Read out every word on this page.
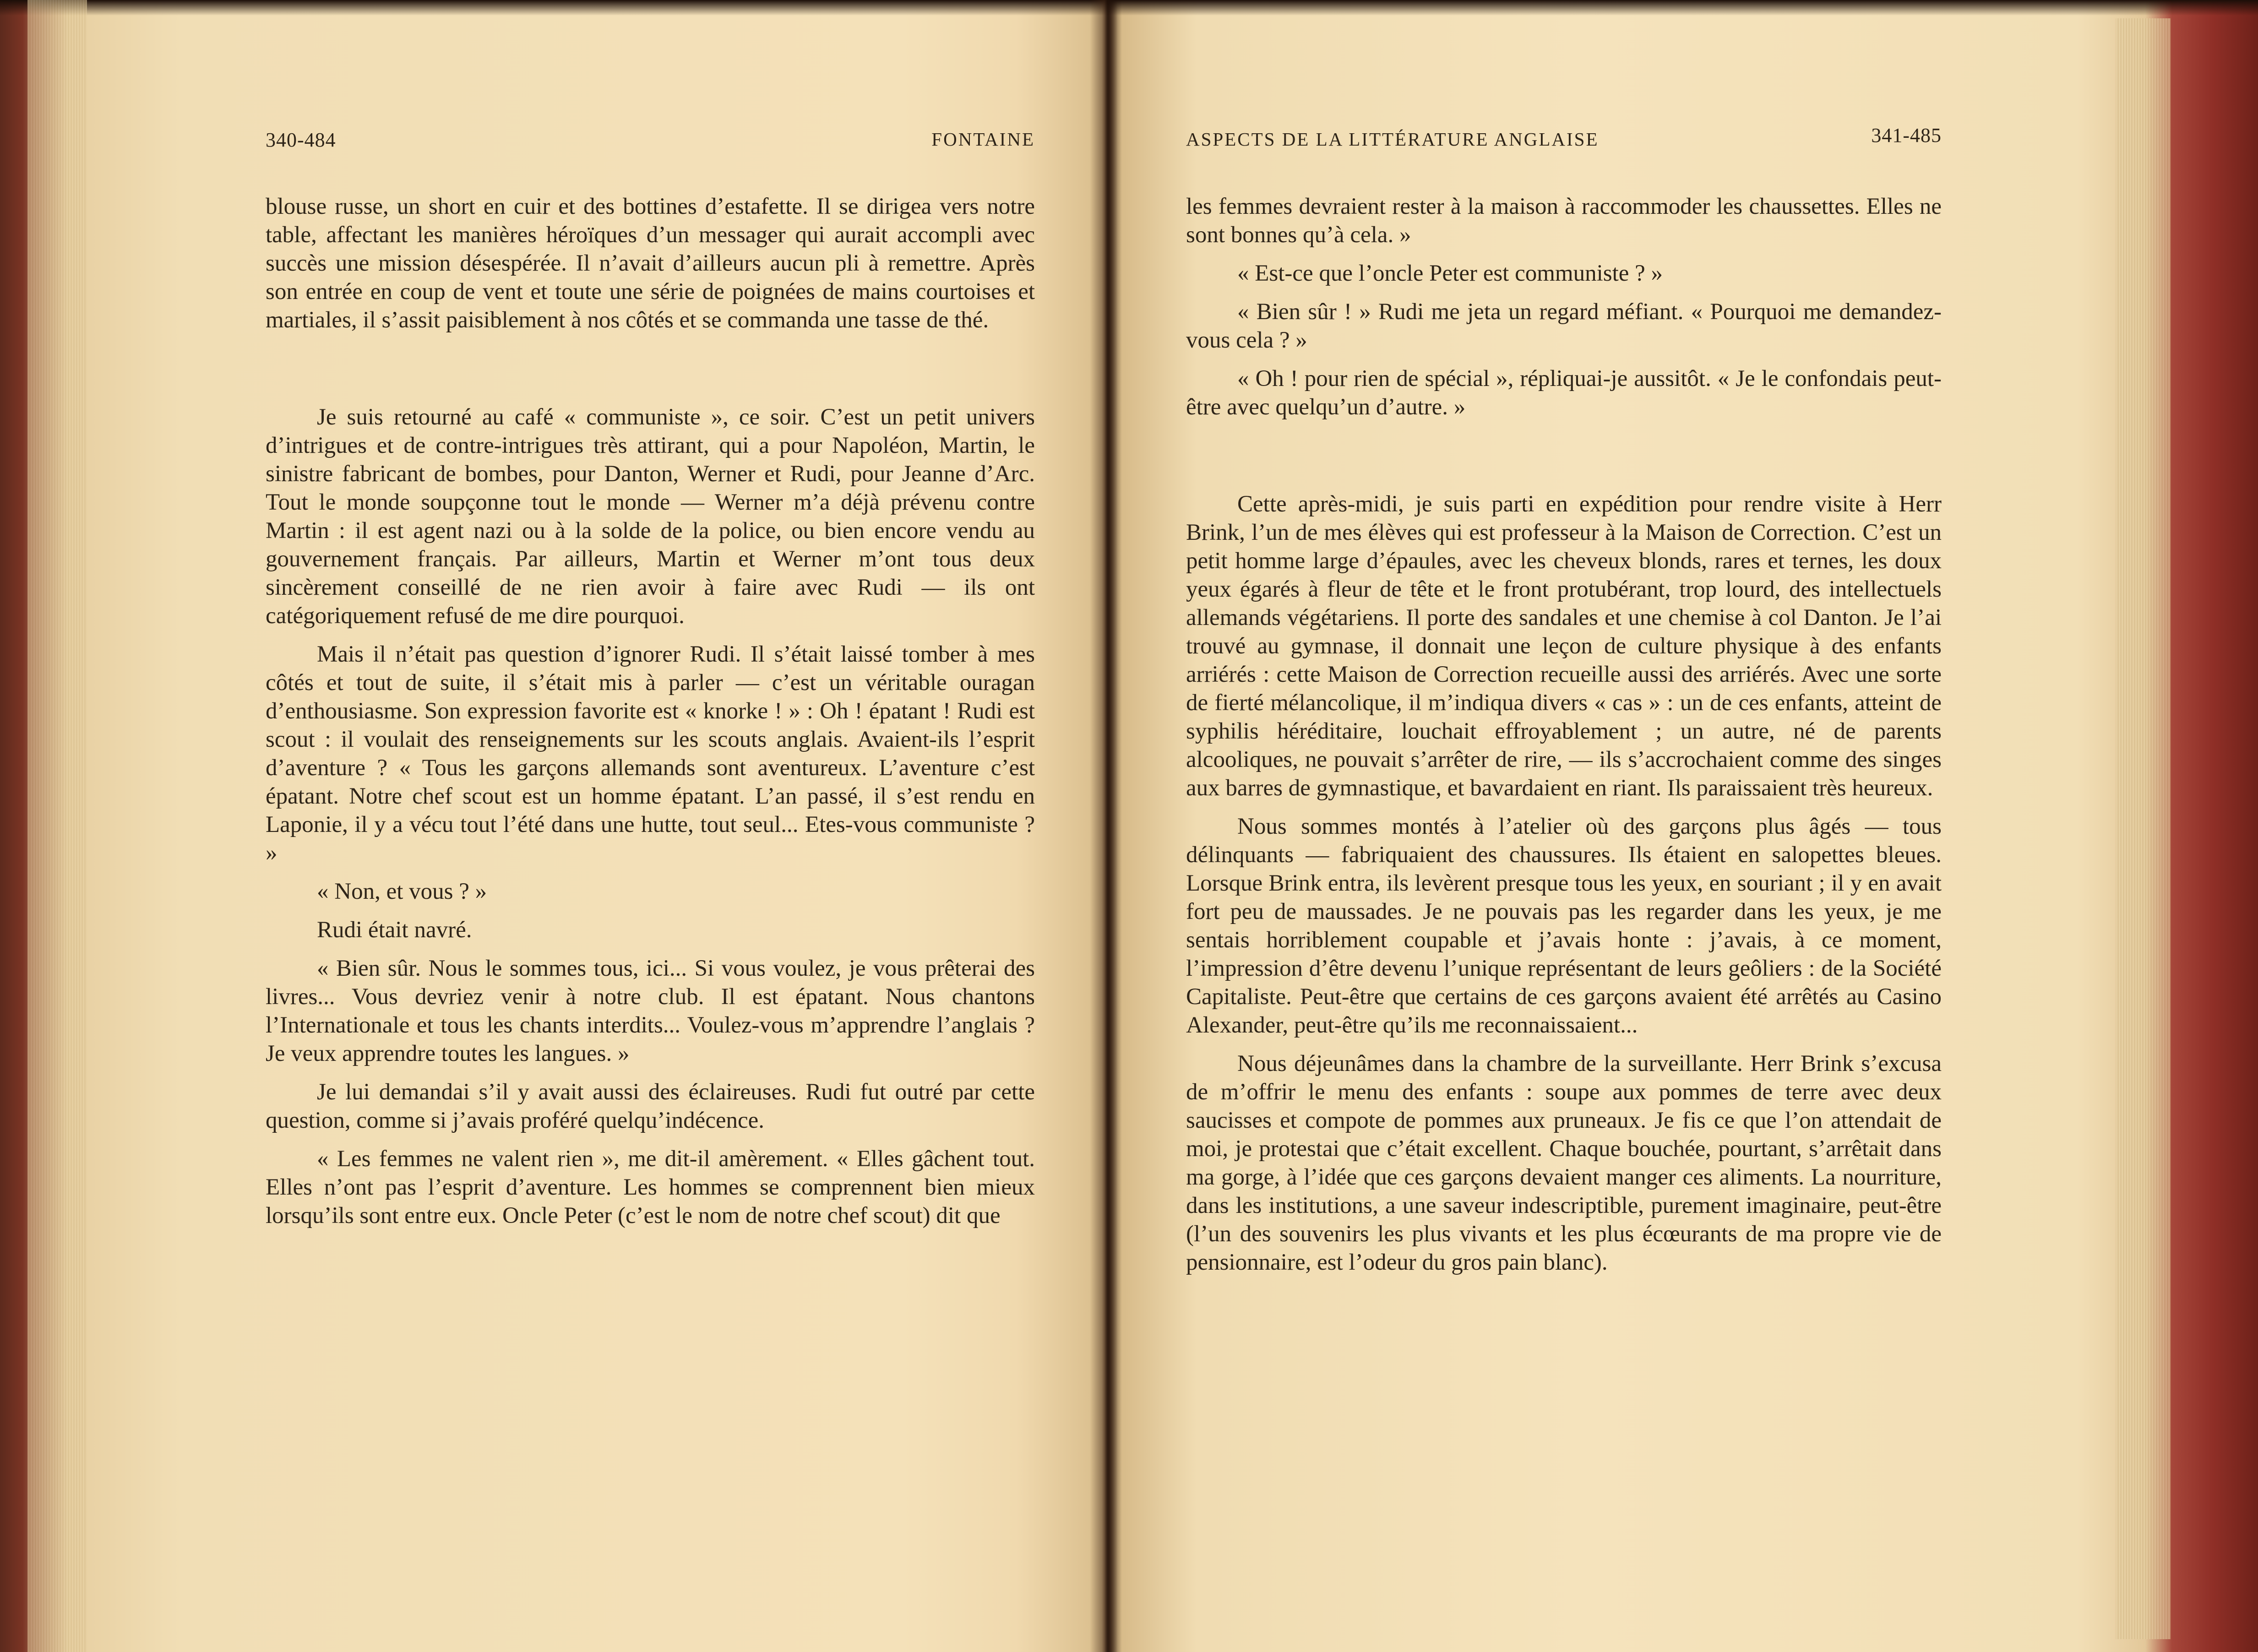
340-484	FONTAINE

blouse russe, un short en cuir et des bottines d’estafette. Il se dirigea vers notre table, affectant les manières héroïques d’un messager qui aurait accompli avec succès une mission désespérée. Il n’avait d’ailleurs aucun pli à remettre. Après son entrée en coup de vent et toute une série de poignées de mains courtoises et martiales, il s’assit paisiblement à nos côtés et se commanda une tasse de thé.

Je suis retourné au café « communiste », ce soir. C’est un petit univers d’intrigues et de contre-intrigues très attirant, qui a pour Napoléon, Martin, le sinistre fabricant de bombes, pour Danton, Werner et Rudi, pour Jeanne d’Arc. Tout le monde soupçonne tout le monde — Werner m’a déjà prévenu contre Martin : il est agent nazi ou à la solde de la police, ou bien encore vendu au gouvernement français. Par ailleurs, Martin et Werner m’ont tous deux sincèrement conseillé de ne rien avoir à faire avec Rudi — ils ont catégoriquement refusé de me dire pourquoi.

Mais il n’était pas question d’ignorer Rudi. Il s’était laissé tomber à mes côtés et tout de suite, il s’était mis à parler — c’est un véritable ouragan d’enthousiasme. Son expression favorite est « knorke ! » : Oh ! épatant ! Rudi est scout : il voulait des renseignements sur les scouts anglais. Avaient-ils l’esprit d’aventure ? « Tous les garçons allemands sont aventureux. L’aventure c’est épatant. Notre chef scout est un homme épatant. L’an passé, il s’est rendu en Laponie, il y a vécu tout l’été dans une hutte, tout seul... Etes-vous communiste ? »

« Non, et vous ? »

Rudi était navré.

« Bien sûr. Nous le sommes tous, ici... Si vous voulez, je vous prêterai des livres... Vous devriez venir à notre club. Il est épatant. Nous chantons l’Internationale et tous les chants interdits... Voulez-vous m’apprendre l’anglais ? Je veux apprendre toutes les langues. »

Je lui demandai s’il y avait aussi des éclaireuses. Rudi fut outré par cette question, comme si j’avais proféré quelqu’indécence.

« Les femmes ne valent rien », me dit-il amèrement. « Elles gâchent tout. Elles n’ont pas l’esprit d’aventure. Les hommes se comprennent bien mieux lorsqu’ils sont entre eux. Oncle Peter (c’est le nom de notre chef scout) dit que

ASPECTS DE LA LITTÉRATURE ANGLAISE	341-485

les femmes devraient rester à la maison à raccommoder les chaussettes. Elles ne sont bonnes qu’à cela. »

« Est-ce que l’oncle Peter est communiste ? »

« Bien sûr ! » Rudi me jeta un regard méfiant. « Pourquoi me demandez-vous cela ? »

« Oh ! pour rien de spécial », répliquai-je aussitôt. « Je le confondais peut-être avec quelqu’un d’autre. »

Cette après-midi, je suis parti en expédition pour rendre visite à Herr Brink, l’un de mes élèves qui est professeur à la Maison de Correction. C’est un petit homme large d’épaules, avec les cheveux blonds, rares et ternes, les doux yeux égarés à fleur de tête et le front protubérant, trop lourd, des intellectuels allemands végétariens. Il porte des sandales et une chemise à col Danton. Je l’ai trouvé au gymnase, il donnait une leçon de culture physique à des enfants arriérés : cette Maison de Correction recueille aussi des arriérés. Avec une sorte de fierté mélancolique, il m’indiqua divers « cas » : un de ces enfants, atteint de syphilis héréditaire, louchait effroyablement ; un autre, né de parents alcooliques, ne pouvait s’arrêter de rire, — ils s’accrochaient comme des singes aux barres de gymnastique, et bavardaient en riant. Ils paraissaient très heureux.

Nous sommes montés à l’atelier où des garçons plus âgés — tous délinquants — fabriquaient des chaussures. Ils étaient en salopettes bleues. Lorsque Brink entra, ils levèrent presque tous les yeux, en souriant ; il y en avait fort peu de maussades. Je ne pouvais pas les regarder dans les yeux, je me sentais horriblement coupable et j’avais honte : j’avais, à ce moment, l’impression d’être devenu l’unique représentant de leurs geôliers : de la Société Capitaliste. Peut-être que certains de ces garçons avaient été arrêtés au Casino Alexander, peut-être qu’ils me reconnaissaient...

Nous déjeunâmes dans la chambre de la surveillante. Herr Brink s’excusa de m’offrir le menu des enfants : soupe aux pommes de terre avec deux saucisses et compote de pommes aux pruneaux. Je fis ce que l’on attendait de moi, je protestai que c’était excellent. Chaque bouchée, pourtant, s’arrêtait dans ma gorge, à l’idée que ces garçons devaient manger ces aliments. La nourriture, dans les institutions, a une saveur indescriptible, purement imaginaire, peut-être (l’un des souvenirs les plus vivants et les plus écœurants de ma propre vie de pensionnaire, est l’odeur du gros pain blanc).
